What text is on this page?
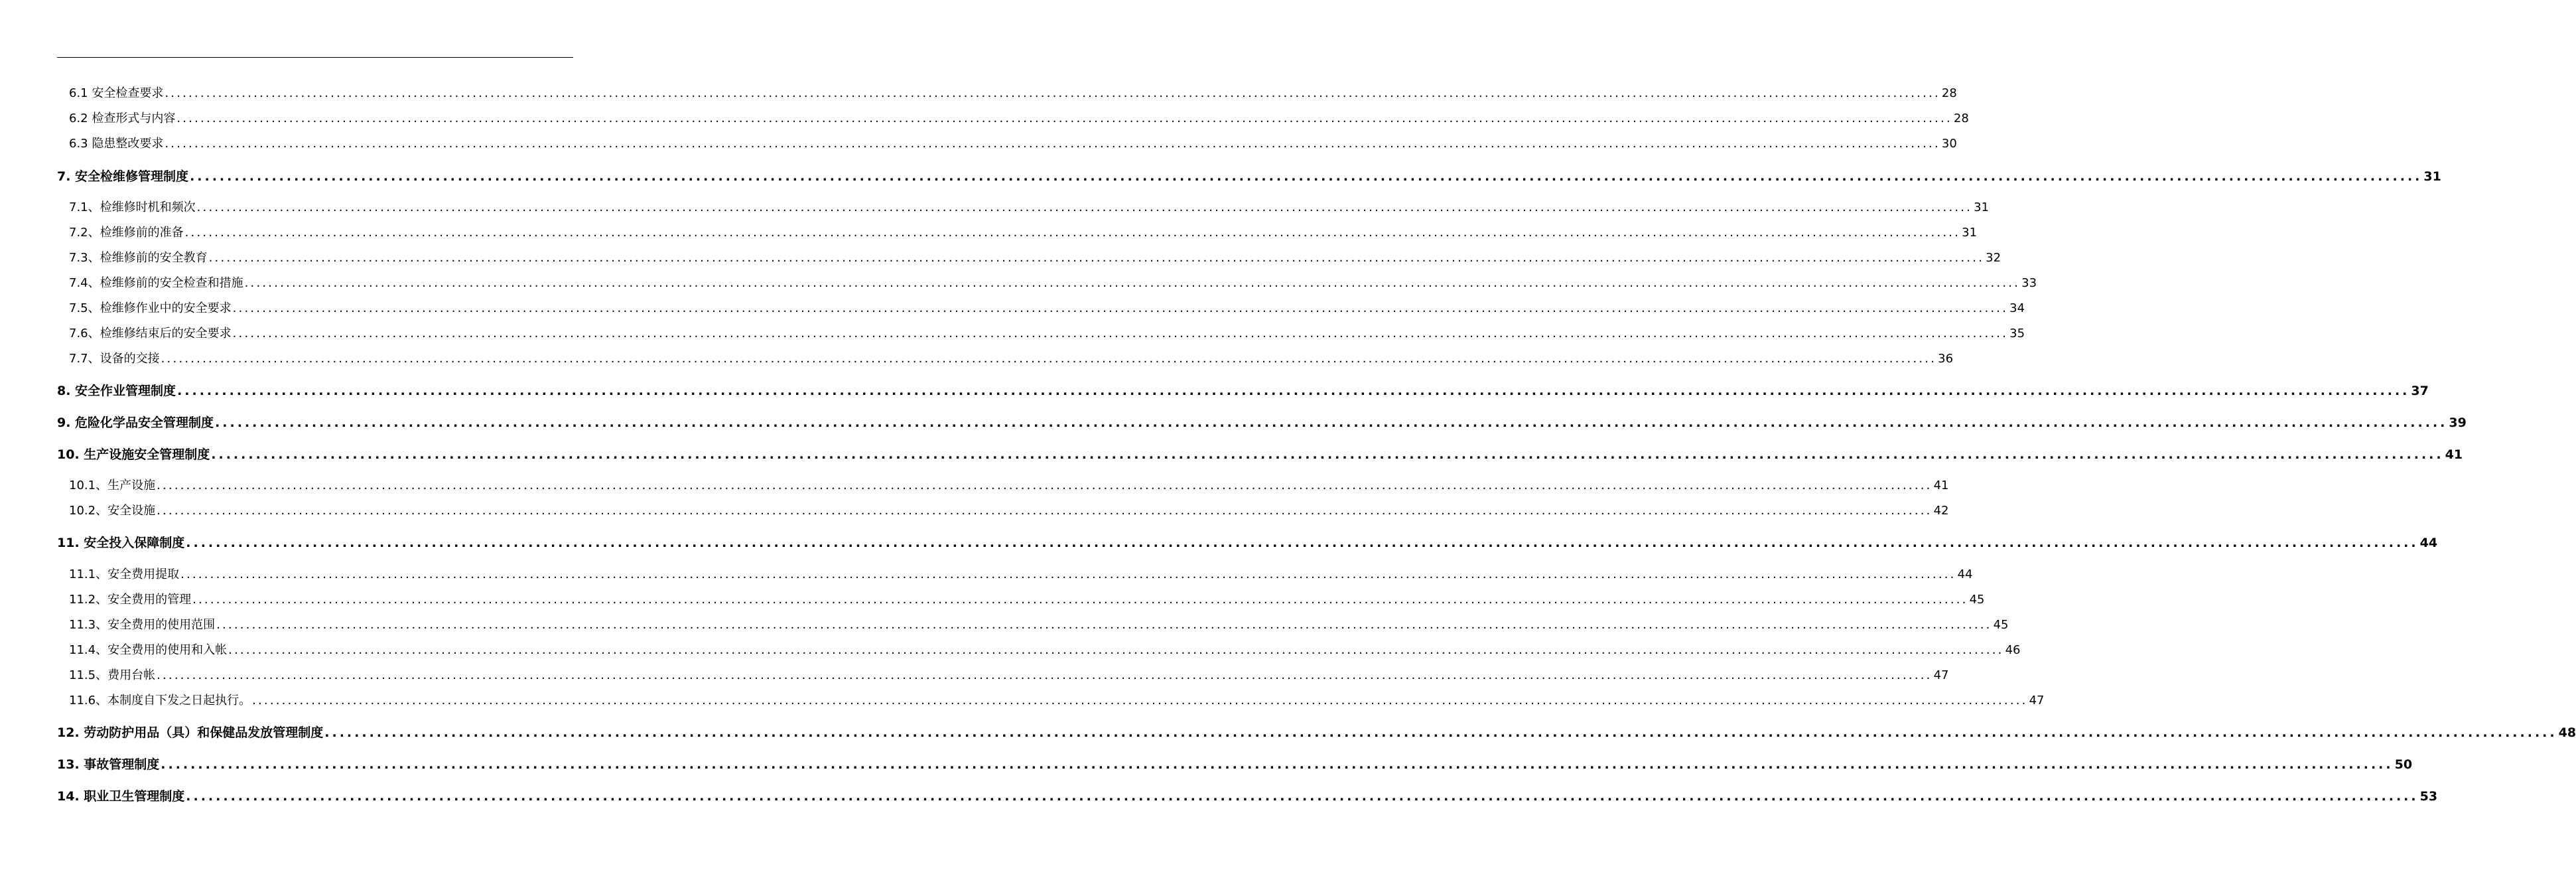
6.1 安全检查要求 ............................................................................................................................................................................................................................................................................................................ 28
6.2 检查形式与内容 ............................................................................................................................................................................................................................................................................................................ 28
6.3 隐患整改要求 ............................................................................................................................................................................................................................................................................................................ 30
7. 安全检维修管理制度 ............................................................................................................................................................................................................................................................................................................ 31
7.1、检维修时机和频次 ............................................................................................................................................................................................................................................................................................................ 31
7.2、检维修前的准备 ............................................................................................................................................................................................................................................................................................................ 31
7.3、检维修前的安全教育 ............................................................................................................................................................................................................................................................................................................ 32
7.4、检维修前的安全检查和措施 ............................................................................................................................................................................................................................................................................................................ 33
7.5、检维修作业中的安全要求 ............................................................................................................................................................................................................................................................................................................ 34
7.6、检维修结束后的安全要求 ............................................................................................................................................................................................................................................................................................................ 35
7.7、设备的交接 ............................................................................................................................................................................................................................................................................................................ 36
8. 安全作业管理制度 ............................................................................................................................................................................................................................................................................................................ 37
9. 危险化学品安全管理制度 ............................................................................................................................................................................................................................................................................................................ 39
10. 生产设施安全管理制度 ............................................................................................................................................................................................................................................................................................................ 41
10.1、生产设施 ............................................................................................................................................................................................................................................................................................................ 41
10.2、安全设施 ............................................................................................................................................................................................................................................................................................................ 42
11. 安全投入保障制度 ............................................................................................................................................................................................................................................................................................................ 44
11.1、安全费用提取 ............................................................................................................................................................................................................................................................................................................ 44
11.2、安全费用的管理 ............................................................................................................................................................................................................................................................................................................ 45
11.3、安全费用的使用范围 ............................................................................................................................................................................................................................................................................................................ 45
11.4、安全费用的使用和入帐 ............................................................................................................................................................................................................................................................................................................ 46
11.5、费用台帐 ............................................................................................................................................................................................................................................................................................................ 47
11.6、本制度自下发之日起执行。 ............................................................................................................................................................................................................................................................................................................ 47
12. 劳动防护用品（具）和保健品发放管理制度 ............................................................................................................................................................................................................................................................................................................ 48
13. 事故管理制度 ............................................................................................................................................................................................................................................................................................................ 50
14. 职业卫生管理制度 ............................................................................................................................................................................................................................................................................................................ 53
